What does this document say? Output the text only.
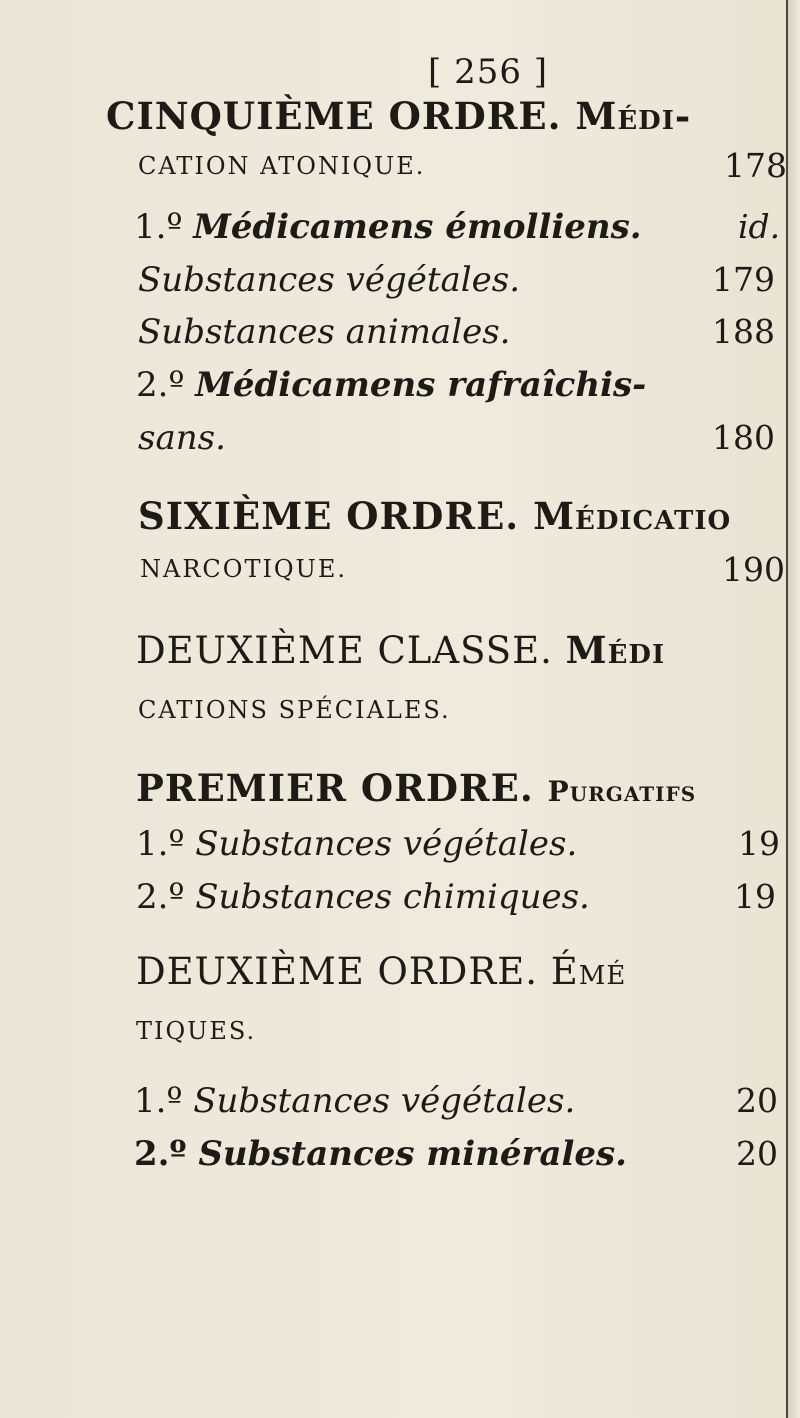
[ 256 ]
CINQUIÈME ORDRE. Médi-
CATION ATONIQUE.	178
1.º Médicamens émolliens.	id.
Substances végétales.	179
Substances animales.	188
2.º Médicamens rafraîchis-
sans.	180
SIXIÈME ORDRE. Médicatio
NARCOTIQUE.	190
DEUXIÈME CLASSE. Médi
CATIONS SPÉCIALES.
PREMIER ORDRE. Purgatifs
1.º Substances végétales.	19
2.º Substances chimiques.	19
DEUXIÈME ORDRE. Émé
TIQUES.
1.º Substances végétales.	20
2.º Substances minérales.	20
